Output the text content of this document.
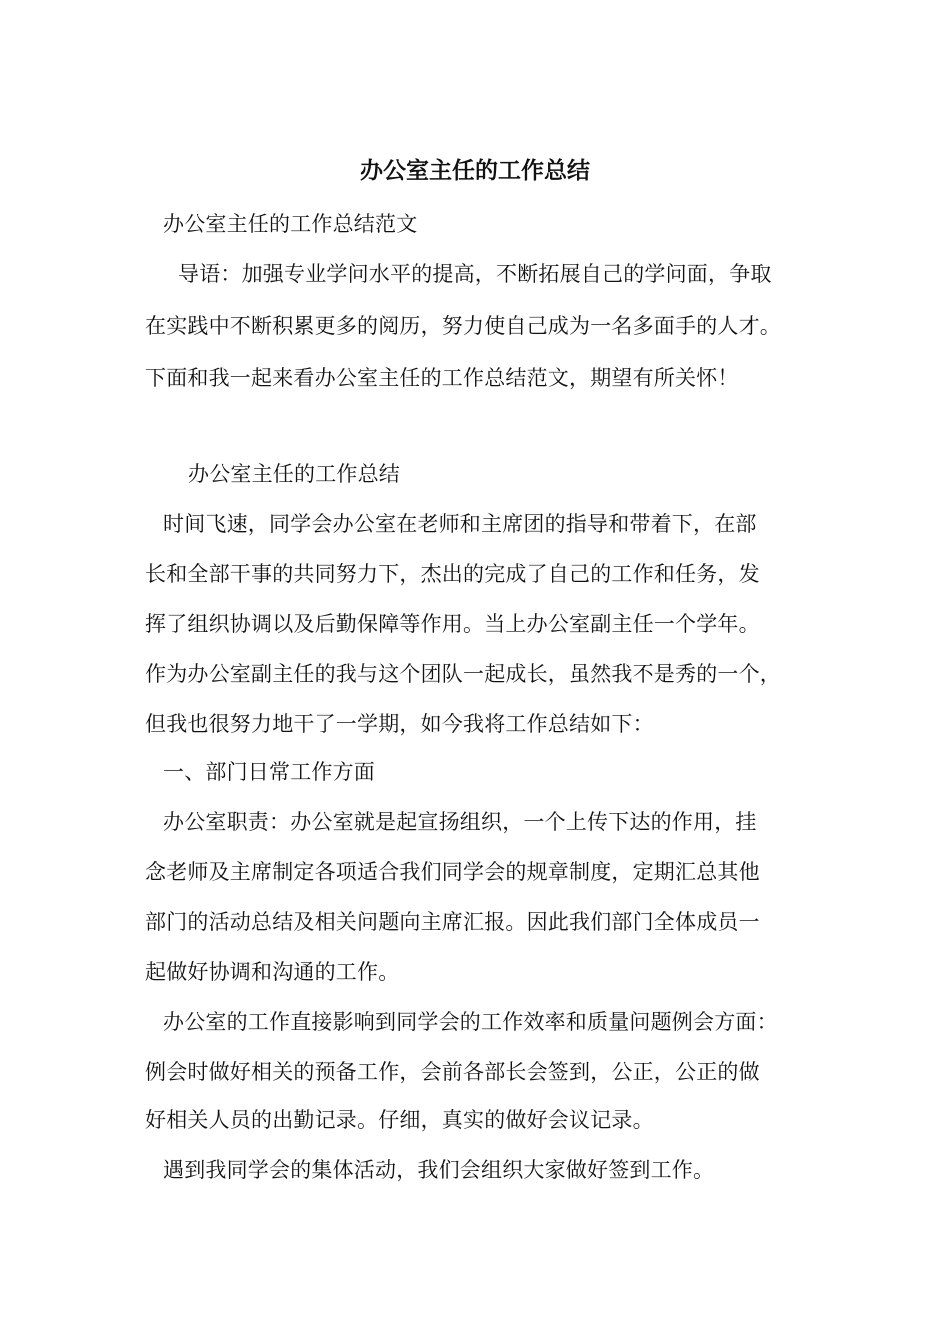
办公室主任的工作总结
办公室主任的工作总结范文
导语：加强专业学问水平的提高，不断拓展自己的学问面，争取
在实践中不断积累更多的阅历，努力使自己成为一名多面手的人才。
下面和我一起来看办公室主任的工作总结范文，期望有所关怀！
办公室主任的工作总结
时间飞速，同学会办公室在老师和主席团的指导和带着下，在部
长和全部干事的共同努力下，杰出的完成了自己的工作和任务，发
挥了组织协调以及后勤保障等作用。当上办公室副主任一个学年。
作为办公室副主任的我与这个团队一起成长，虽然我不是秀的一个，
但我也很努力地干了一学期，如今我将工作总结如下：
一、部门日常工作方面
办公室职责：办公室就是起宣扬组织，一个上传下达的作用，挂
念老师及主席制定各项适合我们同学会的规章制度，定期汇总其他
部门的活动总结及相关问题向主席汇报。因此我们部门全体成员一
起做好协调和沟通的工作。
办公室的工作直接影响到同学会的工作效率和质量问题例会方面：
例会时做好相关的预备工作，会前各部长会签到，公正，公正的做
好相关人员的出勤记录。仔细，真实的做好会议记录。
遇到我同学会的集体活动，我们会组织大家做好签到工作。
